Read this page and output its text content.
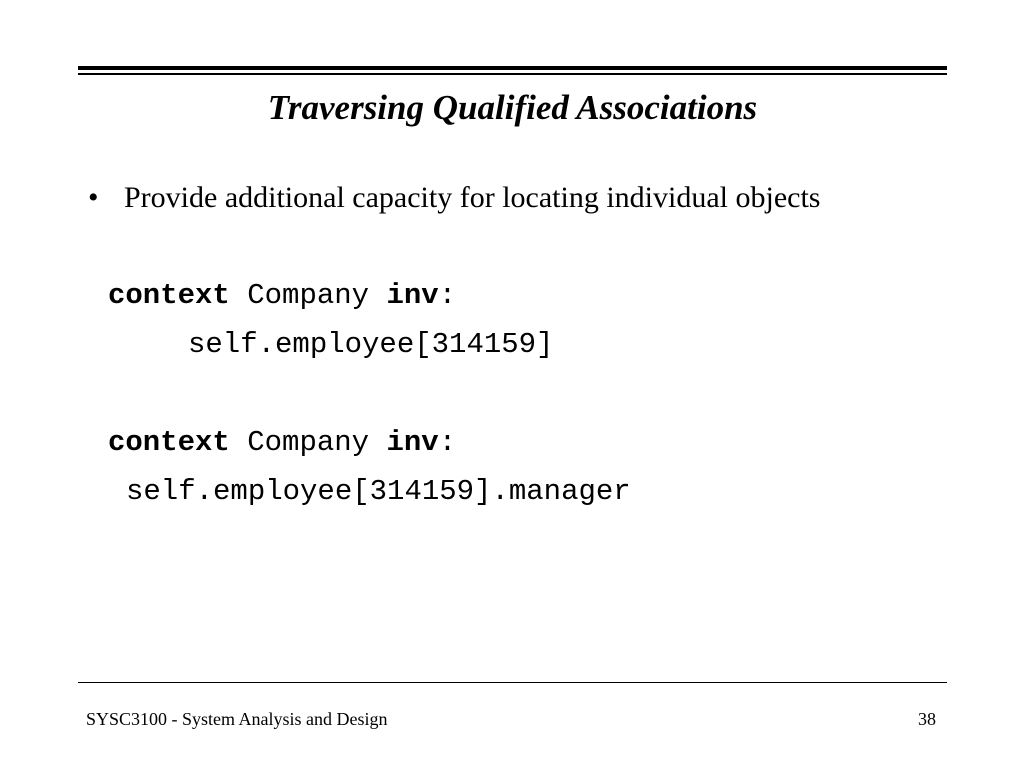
Traversing Qualified Associations
• Provide additional capacity for locating individual objects
context Company inv:
self.employee[314159]
context Company inv:
self.employee[314159].manager
SYSC3100 - System Analysis and Design	38
